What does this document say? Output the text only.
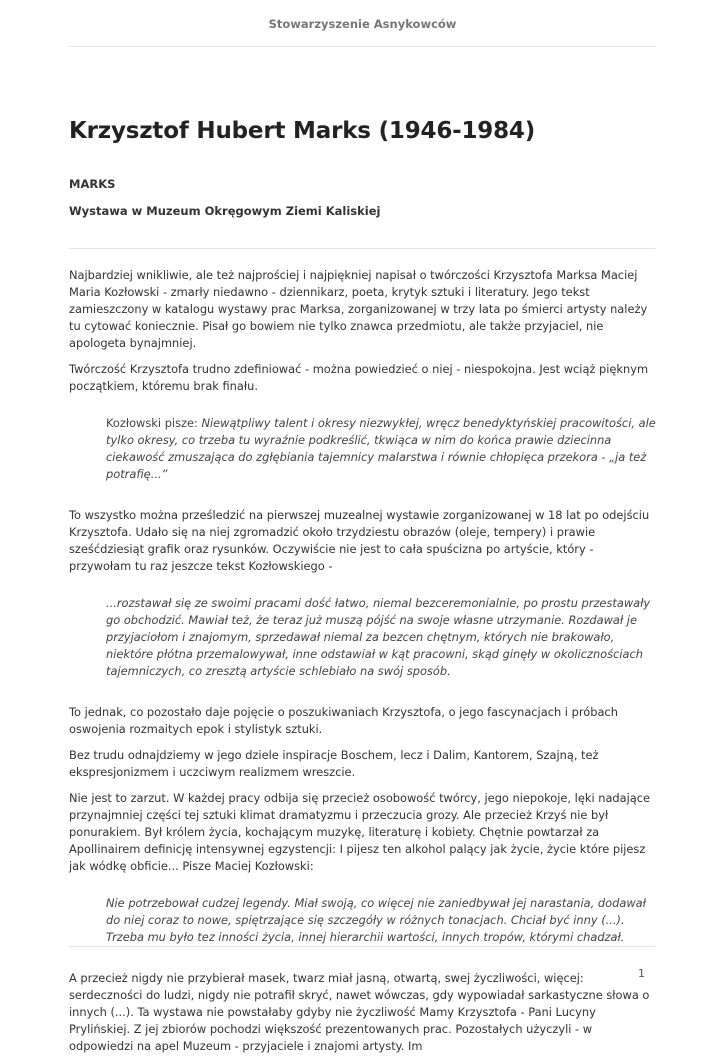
Stowarzyszenie Asnykowców
Krzysztof Hubert Marks (1946-1984)
MARKS
Wystawa w Muzeum Okręgowym Ziemi Kaliskiej

Najbardziej wnikliwie, ale też najprościej i najpiękniej napisał o twórczości Krzysztofa Marksa Maciej Maria Kozłowski - zmarły niedawno - dziennikarz, poeta, krytyk sztuki i literatury. Jego tekst zamieszczony w katalogu wystawy prac Marksa, zorganizowanej w trzy lata po śmierci artysty należy tu cytować koniecznie. Pisał go bowiem nie tylko znawca przedmiotu, ale także przyjaciel, nie apologeta bynajmniej.

Twórczość Krzysztofa trudno zdefiniować - można powiedzieć o niej - niespokojna. Jest wciąż pięknym początkiem, któremu brak finału.

Kozłowski pisze: Niewątpliwy talent i okresy niezwykłej, wręcz benedyktyńskiej pracowitości, ale tylko okresy, co trzeba tu wyraźnie podkreślić, tkwiąca w nim do końca prawie dziecinna ciekawość zmuszająca do zgłębiania tajemnicy malarstwa i równie chłopięca przekora - „ja też potrafię...”

To wszystko można prześledzić na pierwszej muzealnej wystawie zorganizowanej w 18 lat po odejściu Krzysztofa. Udało się na niej zgromadzić około trzydziestu obrazów (oleje, tempery) i prawie sześćdziesiąt grafik oraz rysunków. Oczywiście nie jest to cała spuścizna po artyście, który - przywołam tu raz jeszcze tekst Kozłowskiego -

...rozstawał się ze swoimi pracami dość łatwo, niemal bezceremonialnie, po prostu przestawały go obchodzić. Mawiał też, że teraz już muszą pójść na swoje własne utrzymanie. Rozdawał je przyjaciołom i znajomym, sprzedawał niemal za bezcen chętnym, których nie brakowało, niektóre płótna przemalowywał, inne odstawiał w kąt pracowni, skąd ginęły w okolicznościach tajemniczych, co zresztą artyście schlebiało na swój sposób.

To jednak, co pozostało daje pojęcie o poszukiwaniach Krzysztofa, o jego fascynacjach i próbach oswojenia rozmaitych epok i stylistyk sztuki.

Bez trudu odnajdziemy w jego dziele inspiracje Boschem, lecz i Dalim, Kantorem, Szajną, też ekspresjonizmem i uczciwym realizmem wreszcie.

Nie jest to zarzut. W każdej pracy odbija się przecież osobowość twórcy, jego niepokoje, lęki nadające przynajmniej części tej sztuki klimat dramatyzmu i przeczucia grozy. Ale przecież Krzyś nie był ponurakiem. Był królem życia, kochającym muzykę, literaturę i kobiety. Chętnie powtarzał za Apollinairem definicję intensywnej egzystencji: I pijesz ten alkohol palący jak życie, życie które pijesz jak wódkę obficie... Pisze Maciej Kozłowski:

Nie potrzebował cudzej legendy. Miał swoją, co więcej nie zaniedbywał jej narastania, dodawał do niej coraz to nowe, spiętrzające się szczegóły w różnych tonacjach. Chciał być inny (...). Trzeba mu było tez inności życia, innej hierarchii wartości, innych tropów, którymi chadzał.

A przecież nigdy nie przybierał masek, twarz miał jasną, otwartą, swej życzliwości, więcej: serdeczności do ludzi, nigdy nie potrafił skryć, nawet wówczas, gdy wypowiadał sarkastyczne słowa o innych (...). Ta wystawa nie powstałaby gdyby nie życzliwość Mamy Krzysztofa - Pani Lucyny Prylińskiej. Z jej zbiorów pochodzi większość prezentowanych prac. Pozostałych użyczyli - w odpowiedzi na apel Muzeum - przyjaciele i znajomi artysty. Im

1
